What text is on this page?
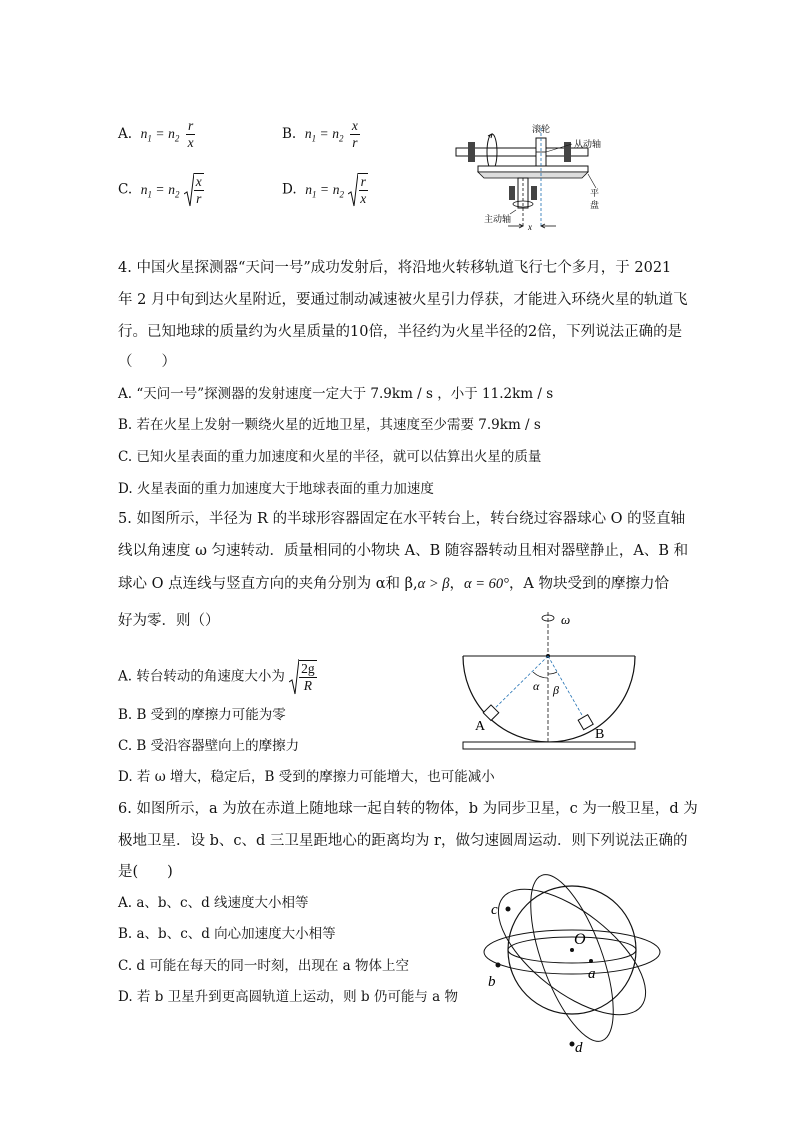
A. $n_1 = n_2 \frac{r}{x}$	B. $n_1 = n_2 \frac{x}{r}$
C. $n_1 = n_2 \frac{x}{r}$	D. $n_1 = n_2 \frac{r}{x}$
滚轮
从动轴
平
盘
主动轴
x
4. 中国火星探测器“天问一号”成功发射后，将沿地火转移轨道飞行七个多月，于 2021
年 2 月中旬到达火星附近，要通过制动减速被火星引力俘获，才能进入环绕火星的轨道飞
行。已知地球的质量约为火星质量的10倍，半径约为火星半径的2倍，下列说法正确的是
（　　）
A. “天问一号”探测器的发射速度一定大于 7.9km / s ，小于 11.2km / s
B. 若在火星上发射一颗绕火星的近地卫星，其速度至少需要 7.9km / s
C. 已知火星表面的重力加速度和火星的半径，就可以估算出火星的质量
D. 火星表面的重力加速度大于地球表面的重力加速度
5. 如图所示，半径为 R 的半球形容器固定在水平转台上，转台绕过容器球心 O 的竖直轴
线以角速度 ω 匀速转动．质量相同的小物块 A、B 随容器转动且相对器壁静止，A、B 和
球心 O 点连线与竖直方向的夹角分别为 α和 β,α > β，α = 60°，A 物块受到的摩擦力恰
好为零．则（）
A. 转台转动的角速度大小为 $\frac{2g}{R}$
B. B 受到的摩擦力可能为零
C. B 受沿容器壁向上的摩擦力
D. 若 ω 增大，稳定后，B 受到的摩擦力可能增大，也可能减小
ω
α β
A
B
6. 如图所示，a 为放在赤道上随地球一起自转的物体，b 为同步卫星，c 为一般卫星，d 为
极地卫星．设 b、c、d 三卫星距地心的距离均为 r，做匀速圆周运动．则下列说法正确的
是(　　)
A. a、b、c、d 线速度大小相等
B. a、b、c、d 向心加速度大小相等
C. d 可能在每天的同一时刻，出现在 a 物体上空
D. 若 b 卫星升到更高圆轨道上运动，则 b 仍可能与 a 物
O
a
b
c
d
